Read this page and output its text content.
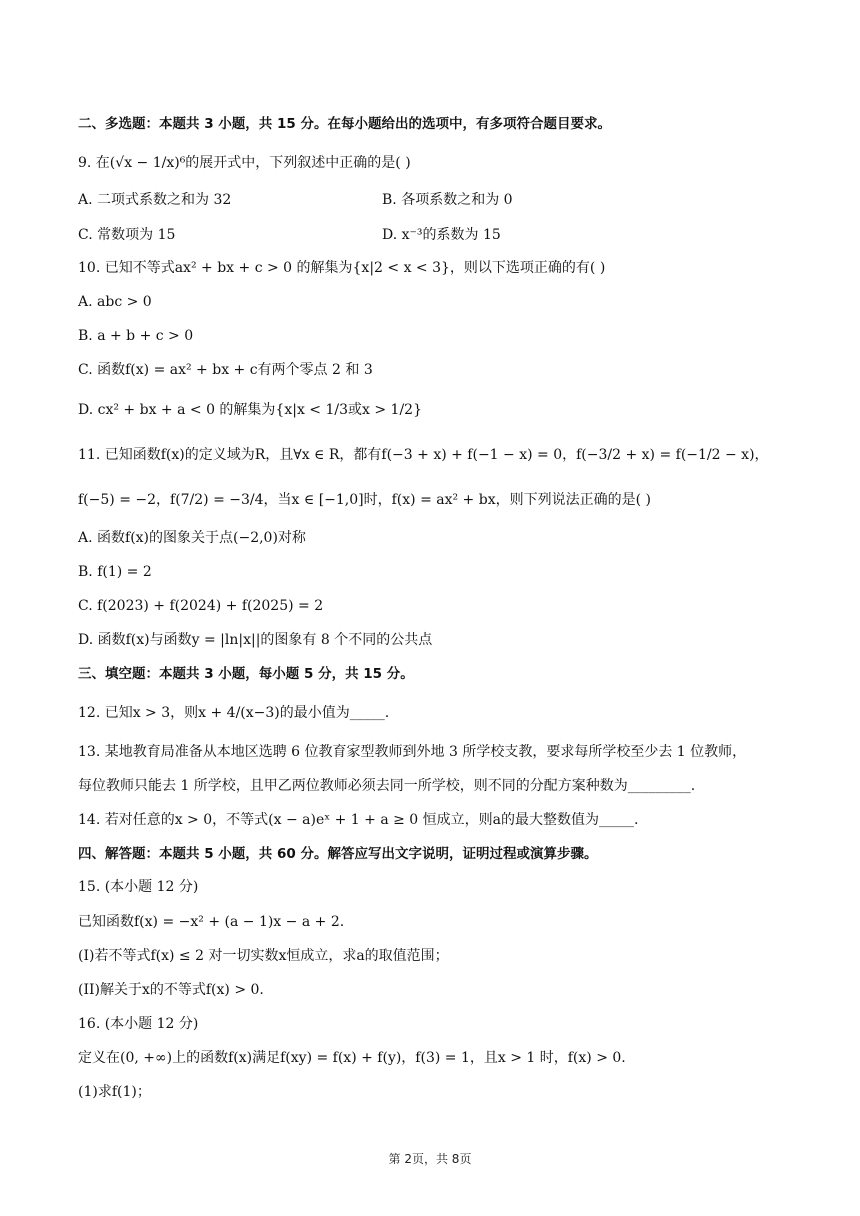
二、多选题：本题共 3 小题，共 15 分。在每小题给出的选项中，有多项符合题目要求。
9. 在(√x − 1/x)⁶的展开式中，下列叙述中正确的是( )
A. 二项式系数之和为 32	B. 各项系数之和为 0
C. 常数项为 15	D. x⁻³的系数为 15
10. 已知不等式ax² + bx + c > 0 的解集为{x|2 < x < 3}，则以下选项正确的有( )
A. abc > 0
B. a + b + c > 0
C. 函数f(x) = ax² + bx + c有两个零点 2 和 3
D. cx² + bx + a < 0 的解集为{x|x < 1/3或x > 1/2}
11. 已知函数f(x)的定义域为R，且∀x ∈ R，都有f(−3 + x) + f(−1 − x) = 0，f(−3/2 + x) = f(−1/2 − x)，
f(−5) = −2，f(7/2) = −3/4，当x ∈ [−1,0]时，f(x) = ax² + bx，则下列说法正确的是( )
A. 函数f(x)的图象关于点(−2,0)对称
B. f(1) = 2
C. f(2023) + f(2024) + f(2025) = 2
D. 函数f(x)与函数y = |ln|x||的图象有 8 个不同的公共点
三、填空题：本题共 3 小题，每小题 5 分，共 15 分。
12. 已知x > 3，则x + 4/(x−3)的最小值为_____.
13. 某地教育局准备从本地区选聘 6 位教育家型教师到外地 3 所学校支教，要求每所学校至少去 1 位教师，
每位教师只能去 1 所学校，且甲乙两位教师必须去同一所学校，则不同的分配方案种数为_________.
14. 若对任意的x > 0，不等式(x − a)eˣ + 1 + a ≥ 0 恒成立，则a的最大整数值为_____.
四、解答题：本题共 5 小题，共 60 分。解答应写出文字说明，证明过程或演算步骤。
15. (本小题 12 分)
已知函数f(x) = −x² + (a − 1)x − a + 2.
(I)若不等式f(x) ≤ 2 对一切实数x恒成立，求a的取值范围；
(II)解关于x的不等式f(x) > 0.
16. (本小题 12 分)
定义在(0, +∞)上的函数f(x)满足f(xy) = f(x) + f(y)，f(3) = 1，且x > 1 时，f(x) > 0.
(1)求f(1)；
第 2页，共 8页
